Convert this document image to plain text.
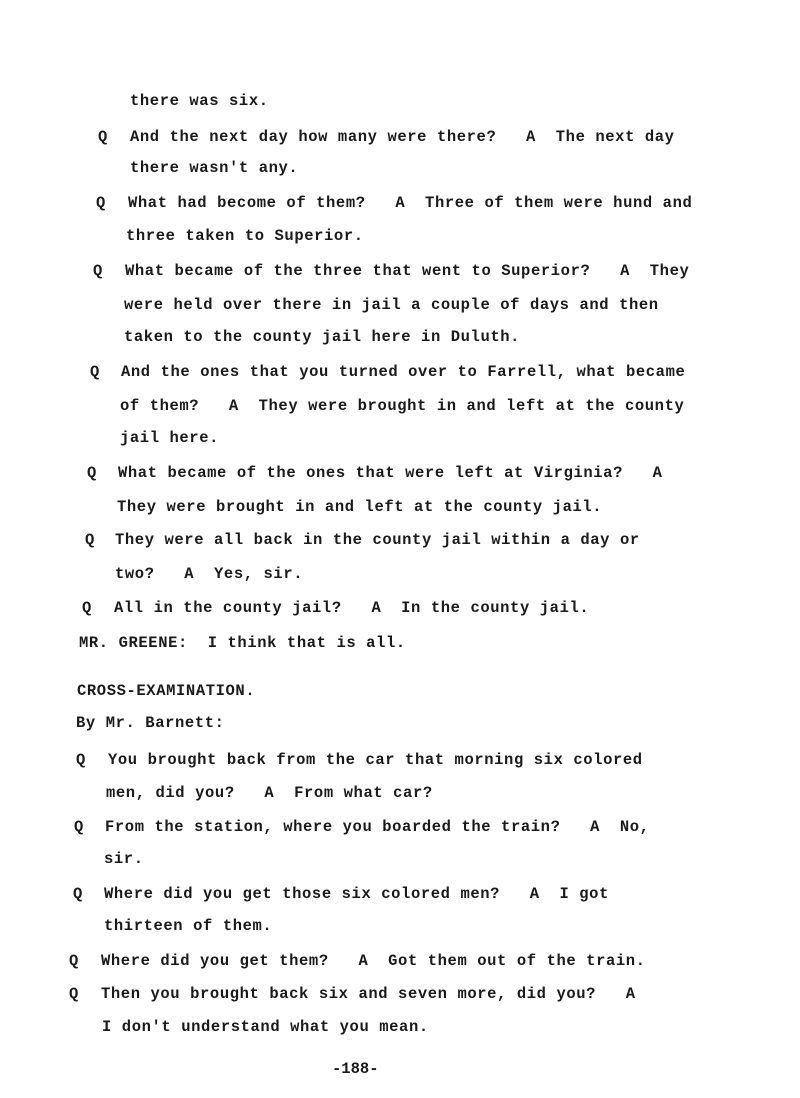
there was six.
Q And the next day how many were there?   A  The next day
there wasn't any.
Q What had become of them?   A  Three of them were hund and
three taken to Superior.
Q What became of the three that went to Superior?   A  They
were held over there in jail a couple of days and then
taken to the county jail here in Duluth.
Q And the ones that you turned over to Farrell, what became
of them?   A  They were brought in and left at the county
jail here.
Q What became of the ones that were left at Virginia?   A
They were brought in and left at the county jail.
Q They were all back in the county jail within a day or
two?   A  Yes, sir.
Q All in the county jail?   A  In the county jail.
MR. GREENE:  I think that is all.
CROSS-EXAMINATION.
By Mr. Barnett:
Q You brought back from the car that morning six colored
men, did you?   A  From what car?
Q From the station, where you boarded the train?   A  No,
sir.
Q Where did you get those six colored men?   A  I got
thirteen of them.
Q Where did you get them?   A  Got them out of the train.
Q Then you brought back six and seven more, did you?   A
I don't understand what you mean.
-188-
